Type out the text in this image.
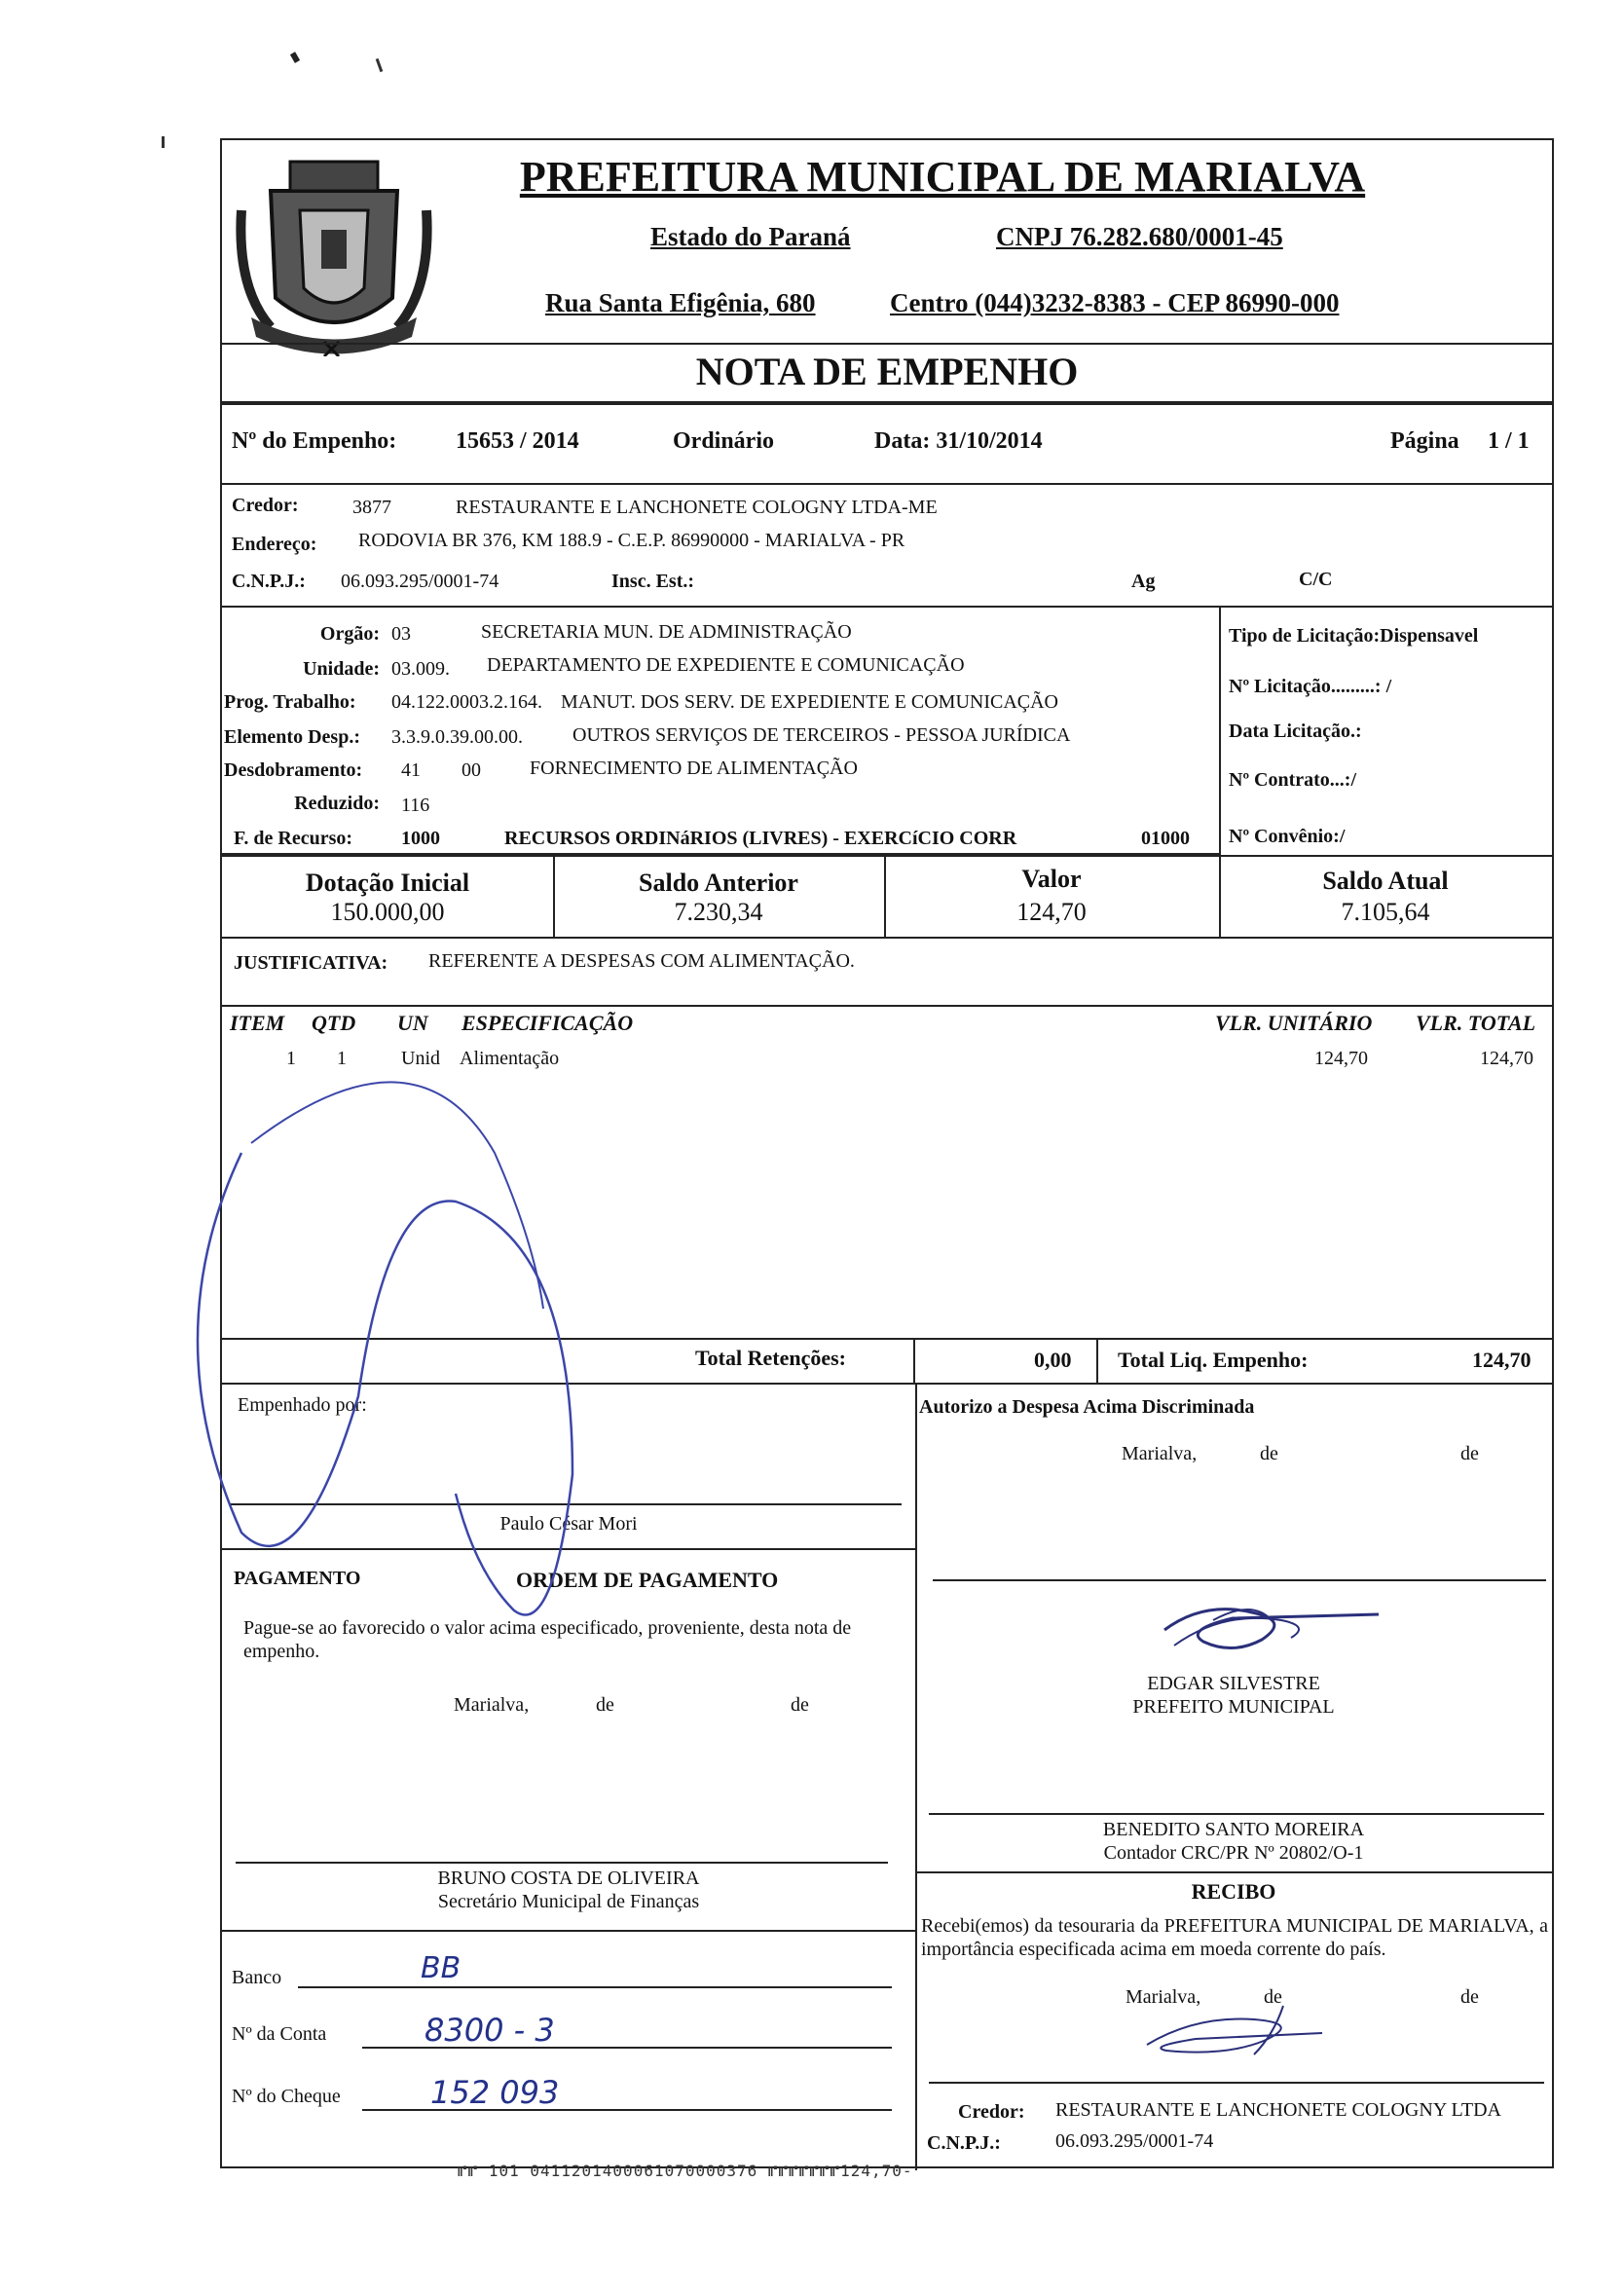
PREFEITURA MUNICIPAL DE MARIALVA
Estado do Paraná	CNPJ 76.282.680/0001-45
Rua Santa Efigênia, 680	Centro (044)3232-8383 - CEP 86990-000
NOTA DE EMPENHO
Nº do Empenho:	15653 / 2014	Ordinário	Data: 31/10/2014	Página 1 / 1
Credor:	3877	RESTAURANTE E LANCHONETE COLOGNY LTDA-ME
Endereço: RODOVIA BR 376, KM 188.9 - C.E.P. 86990000 - MARIALVA - PR
C.N.P.J.: 06.093.295/0001-74	Insc. Est.:	Ag	C/C
Orgão: 03	SECRETARIA MUN. DE ADMINISTRAÇÃO
Unidade: 03.009. DEPARTAMENTO DE EXPEDIENTE E COMUNICAÇÃO
Prog. Trabalho: 04.122.0003.2.164. MANUT. DOS SERV. DE EXPEDIENTE E COMUNICAÇÃO
Elemento Desp.: 3.3.9.0.39.00.00.	OUTROS SERVIÇOS DE TERCEIROS - PESSOA JURÍDICA
Desdobramento: 41 00	FORNECIMENTO DE ALIMENTAÇÃO
Reduzido: 116
F. de Recurso: 1000	RECURSOS ORDINáRIOS (LIVRES) - EXERCíCIO CORR	01000
Tipo de Licitação:Dispensavel
Nº Licitação.........: /
Data Licitação.:
Nº Contrato...:/
Nº Convênio:/
Dotação Inicial
150.000,00
Saldo Anterior
7.230,34
Valor
124,70
Saldo Atual
7.105,64
JUSTIFICATIVA: REFERENTE A DESPESAS COM ALIMENTAÇÃO.
ITEM QTD UN ESPECIFICAÇÃO	VLR. UNITÁRIO VLR. TOTAL
1 1	Unid Alimentação	124,70	124,70
Total Retenções:	0,00 Total Liq. Empenho:	124,70
Empenhado por:
Paulo César Mori
PAGAMENTO	ORDEM DE PAGAMENTO
Pague-se ao favorecido o valor acima especificado, proveniente, desta nota de empenho.
Marialva,	de	de
BRUNO COSTA DE OLIVEIRA
Secretário Municipal de Finanças
Banco	BB
Nº da Conta	8300 - 3
Nº do Cheque	152 093
Autorizo a Despesa Acima Discriminada
Marialva,	de	de
EDGAR SILVESTRE
PREFEITO MUNICIPAL
BENEDITO SANTO MOREIRA
Contador CRC/PR Nº 20802/O-1
RECIBO
Recebi(emos) da tesouraria da PREFEITURA MUNICIPAL DE MARIALVA, a importância especificada acima em moeda corrente do país.
Marialva,	de	de
Credor: RESTAURANTE E LANCHONETE COLOGNY LTDA
C.N.P.J.:	06.093.295/0001-74
⑈⑈ 101 0411201400061070000376 ⑈⑈⑈⑈⑈⑈⑈124,70-
